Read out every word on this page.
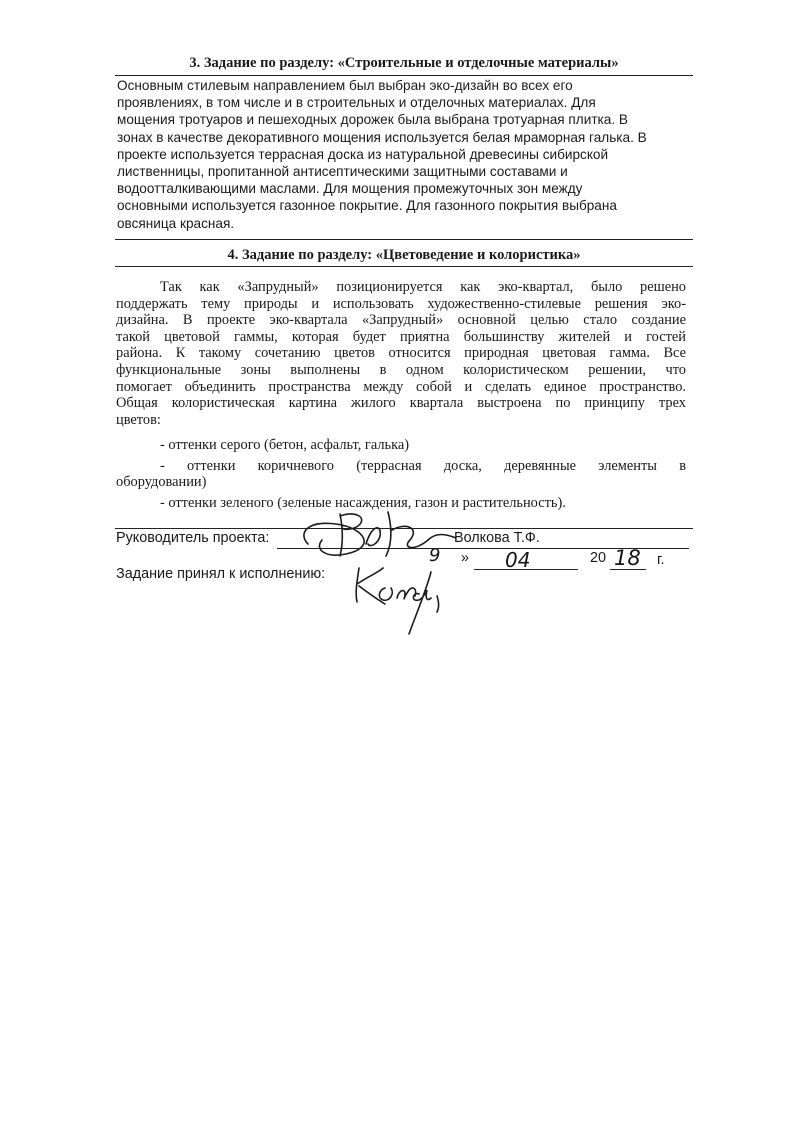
3. Задание по разделу: «Строительные и отделочные материалы»
Основным стилевым направлением был выбран эко-дизайн во всех его
проявлениях, в том числе и в строительных и отделочных материалах. Для
мощения тротуаров и пешеходных дорожек была выбрана тротуарная плитка. В
зонах в качестве декоративного мощения используется белая мраморная галька. В
проекте используется террасная доска из натуральной древесины сибирской
лиственницы, пропитанной антисептическими защитными составами и
водоотталкивающими маслами. Для мощения промежуточных зон между
основными используется газонное покрытие. Для газонного покрытия выбрана
овсяница красная.
4. Задание по разделу: «Цветоведение и колористика»
Так как «Запрудный» позиционируется как эко-квартал, было решено
поддержать тему природы и использовать художественно-стилевые решения эко-
дизайна. В проекте эко-квартала «Запрудный» основной целью стало создание
такой цветовой гаммы, которая будет приятна большинству жителей и гостей
района. К такому сочетанию цветов относится природная цветовая гамма. Все
функциональные зоны выполнены в одном колористическом решении, что
помогает объединить пространства между собой и сделать единое пространство.
Общая колористическая картина жилого квартала выстроена по принципу трех
цветов:
- оттенки серого (бетон, асфальт, галька)
- оттенки коричневого (террасная доска, деревянные элементы в
оборудовании)
- оттенки зеленого (зеленые насаждения, газон и растительность).

Руководитель проекта:	Волкова Т.Ф.
9 » 04	20 18 г.

Задание принял к исполнению:
